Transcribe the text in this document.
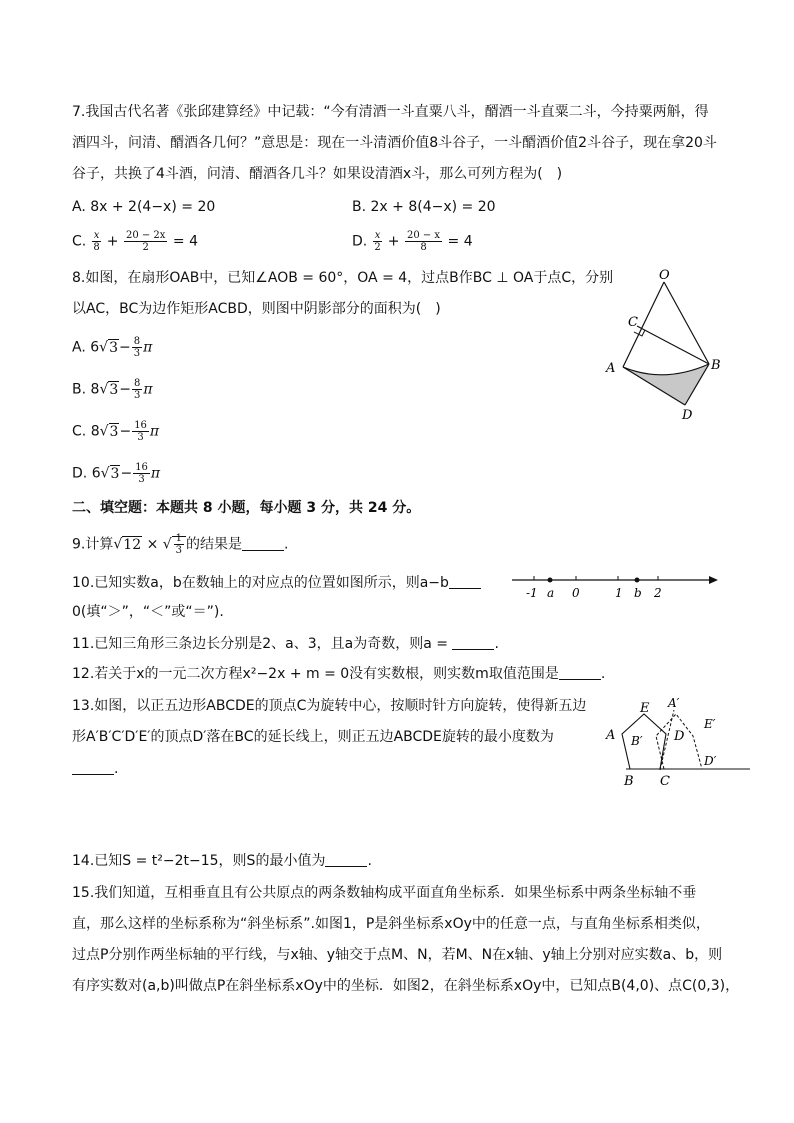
7.我国古代名著《张邱建算经》中记载：“今有清酒一斗直粟八斗，醑酒一斗直粟二斗，今持粟两斛，得
酒四斗，问清、醑酒各几何？”意思是：现在一斗清酒价值8斗谷子，一斗醑酒价值2斗谷子，现在拿20斗
谷子，共换了4斗酒，问清、醑酒各几斗？如果设清酒x斗，那么可列方程为(　)
A. 8x + 2(4−x) = 20	B. 2x + 8(4−x) = 20
C. $\frac{x}{8} + \frac{20 - 2x}{2} = 4$	D. $\frac{x}{2} + \frac{20 - x}{8} = 4$
8.如图，在扇形OAB中，已知∠AOB = 60°，OA = 4，过点B作BC ⊥ OA于点C，分别
以AC，BC为边作矩形ACBD，则图中阴影部分的面积为(　)
A. $6√3- \frac{8}{3}$ π
B. $8√3- \frac{8}{3}$ π
C. $8√3- \frac{16}{3}$ π
D. $6√3- \frac{16}{3}$ π
O
C
A	B
D
二、填空题：本题共 8 小题，每小题 3 分，共 24 分。
9.计算√12 × √ $\frac{1}{3}$ 的结果是	.
10.已知实数a，b在数轴上的对应点的位置如图所示，则a−b
0(填“＞”，“＜”或“＝”).
-1 a 0	1 b 2
11.已知三角形三条边长分别是2、a、3，且a为奇数，则a =	.
12.若关于x的一元二次方程x²−2x + m = 0没有实数根，则实数m取值范围是	.
13.如图，以正五边形ABCDE的顶点C为旋转中心，按顺时针方向旋转，使得新五边
形A′B′C′D′E′的顶点D′落在BC的延长线上，则正五边ABCDE旋转的最小度数为
.
A
E
D
B C
B′
A′
E′
D′
14.已知S = t²−2t−15，则S的最小值为	.
15.我们知道，互相垂直且有公共原点的两条数轴构成平面直角坐标系．如果坐标系中两条坐标轴不垂
直，那么这样的坐标系称为“斜坐标系”.如图1，P是斜坐标系xOy中的任意一点，与直角坐标系相类似，
过点P分别作两坐标轴的平行线，与x轴、y轴交于点M、N，若M、N在x轴、y轴上分别对应实数a、b，则
有序实数对(a,b)叫做点P在斜坐标系xOy中的坐标．如图2，在斜坐标系xOy中，已知点B(4,0)、点C(0,3)，
